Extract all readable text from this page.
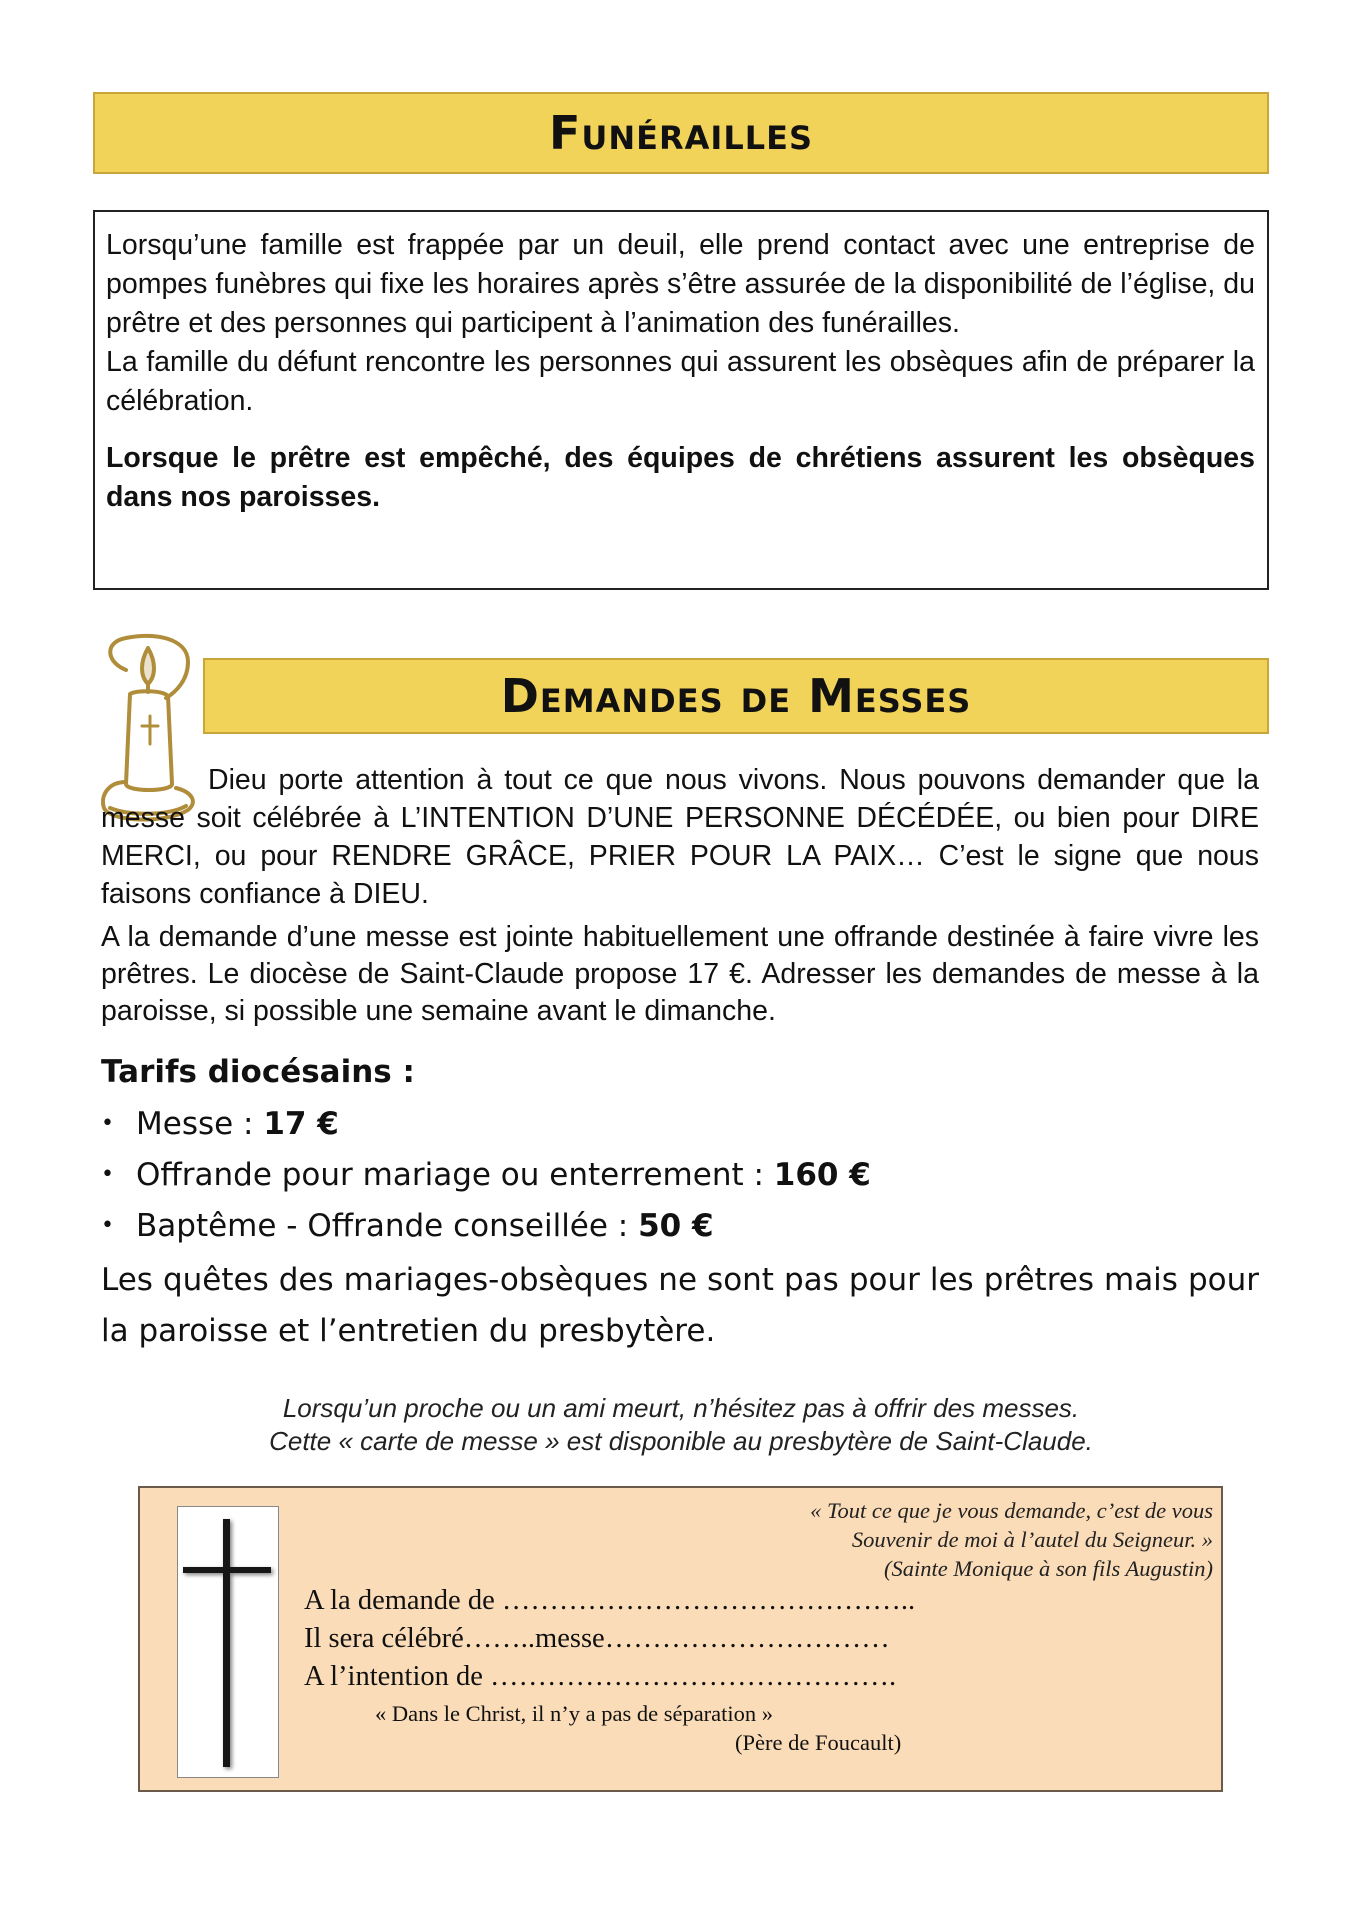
Funérailles

Lorsqu’une famille est frappée par un deuil, elle prend contact avec une entreprise de pompes funèbres qui fixe les horaires après s’être assurée de la disponibilité de l’église, du prêtre et des personnes qui participent à l’animation des funérailles.

La famille du défunt rencontre les personnes qui assurent les obsèques afin de préparer la célébration.

Lorsque le prêtre est empêché, des équipes de chrétiens assurent les obsèques dans nos paroisses.

Demandes de Messes

Dieu porte attention à tout ce que nous vivons. Nous pouvons demander que la messe soit célébrée à L’INTENTION D’UNE PERSONNE DÉCÉDÉE, ou bien pour DIRE MERCI, ou pour RENDRE GRÂCE, PRIER POUR LA PAIX… C’est le signe que nous faisons confiance à DIEU.

A la demande d’une messe est jointe habituellement une offrande destinée à faire vivre les prêtres. Le diocèse de Saint-Claude propose 17 €. Adresser les demandes de messe à la paroisse, si possible une semaine avant le dimanche.

Tarifs diocésains :
• Messe : 17 €
• Offrande pour mariage ou enterrement : 160 €
• Baptême - Offrande conseillée : 50 €

Les quêtes des mariages-obsèques ne sont pas pour les prêtres mais pour la paroisse et l’entretien du presbytère.

Lorsqu’un proche ou un ami meurt, n’hésitez pas à offrir des messes.
Cette « carte de messe » est disponible au presbytère de Saint-Claude.
« Tout ce que je vous demande, c’est de vous
Souvenir de moi à l’autel du Seigneur. »
(Sainte Monique à son fils Augustin)
A la demande de ……………………………………..
Il sera célébré……..messe…………………………
A l’intention de …………………………………….
« Dans le Christ, il n’y a pas de séparation »
(Père de Foucault)
